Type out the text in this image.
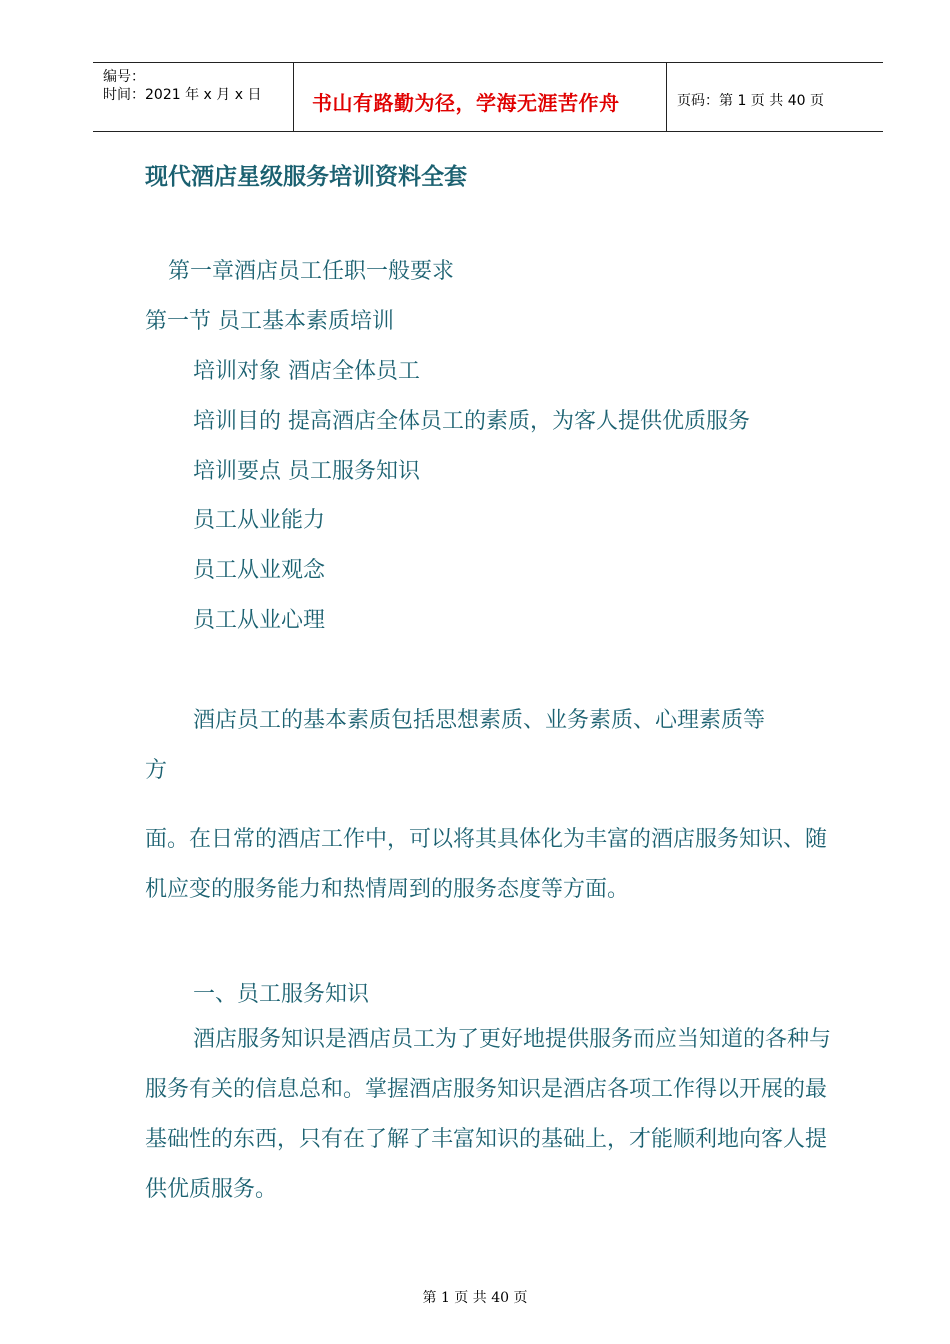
编号：
时间：2021 年 x 月 x 日	书山有路勤为径，学海无涯苦作舟	页码：第 1 页 共 40 页
现代酒店星级服务培训资料全套
第一章酒店员工任职一般要求
第一节 员工基本素质培训
培训对象 酒店全体员工
培训目的 提高酒店全体员工的素质，为客人提供优质服务
培训要点 员工服务知识
员工从业能力
员工从业观念
员工从业心理
酒店员工的基本素质包括思想素质、业务素质、心理素质等
方
面。在日常的酒店工作中，可以将其具体化为丰富的酒店服务知识、随机应变的服务能力和热情周到的服务态度等方面。
一、员工服务知识
酒店服务知识是酒店员工为了更好地提供服务而应当知道的各种与服务有关的信息总和。掌握酒店服务知识是酒店各项工作得以开展的最基础性的东西，只有在了解了丰富知识的基础上，才能顺利地向客人提供优质服务。
第 1 页 共 40 页
